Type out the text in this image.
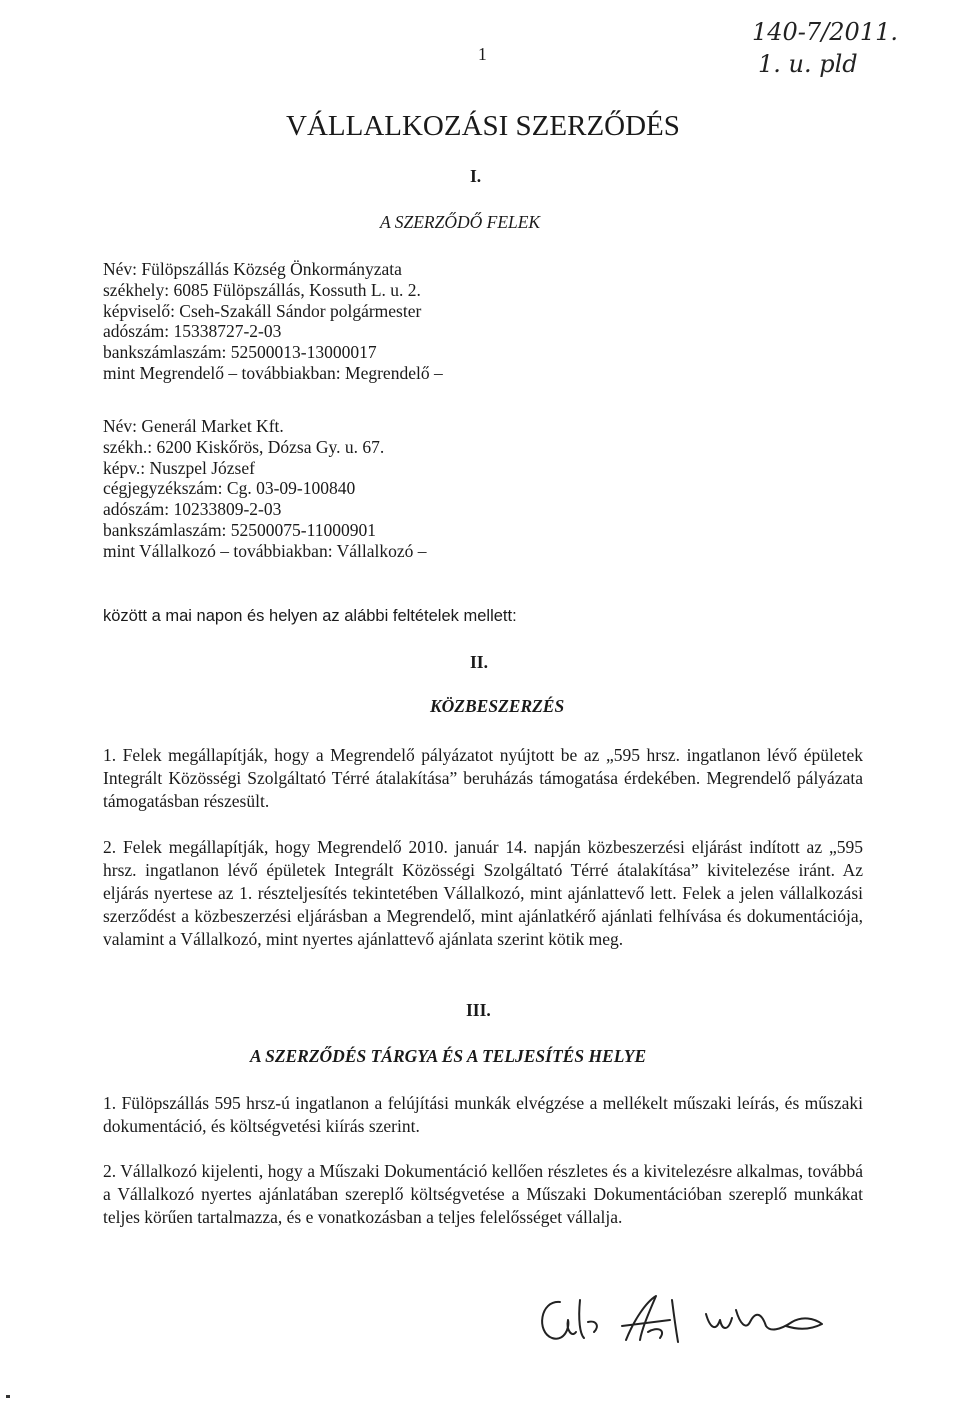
1
140-7/2011.
1. u. pld
VÁLLALKOZÁSI SZERZŐDÉS
I.
A SZERZŐDŐ FELEK
Név: Fülöpszállás Község Önkormányzata
székhely: 6085 Fülöpszállás, Kossuth L. u. 2.
képviselő: Cseh-Szakáll Sándor polgármester
adószám: 15338727-2-03
bankszámlaszám: 52500013-13000017
mint Megrendelő – továbbiakban: Megrendelő –
Név: Generál Market Kft.
székh.: 6200 Kiskőrös, Dózsa Gy. u. 67.
képv.: Nuszpel József
cégjegyzékszám: Cg. 03-09-100840
adószám: 10233809-2-03
bankszámlaszám: 52500075-11000901
mint Vállalkozó – továbbiakban: Vállalkozó –
között a mai napon és helyen az alábbi feltételek mellett:
II.
KÖZBESZERZÉS
1. Felek megállapítják, hogy a Megrendelő pályázatot nyújtott be az „595 hrsz. ingatlanon lévő épületek Integrált Közösségi Szolgáltató Térré átalakítása” beruházás támogatása érdekében. Megrendelő pályázata támogatásban részesült.
2. Felek megállapítják, hogy Megrendelő 2010. január 14. napján közbeszerzési eljárást indított az „595 hrsz. ingatlanon lévő épületek Integrált Közösségi Szolgáltató Térré átalakítása” kivitelezése iránt. Az eljárás nyertese az 1. részteljesítés tekintetében Vállalkozó, mint ajánlattevő lett. Felek a jelen vállalkozási szerződést a közbeszerzési eljárásban a Megrendelő, mint ajánlatkérő ajánlati felhívása és dokumentációja, valamint a Vállalkozó, mint nyertes ajánlattevő ajánlata szerint kötik meg.
III.
A SZERZŐDÉS TÁRGYA ÉS A TELJESÍTÉS HELYE
1. Fülöpszállás 595 hrsz-ú ingatlanon a felújítási munkák elvégzése a mellékelt műszaki leírás, és műszaki dokumentáció, és költségvetési kiírás szerint.
2. Vállalkozó kijelenti, hogy a Műszaki Dokumentáció kellően részletes és a kivitelezésre alkalmas, továbbá a Vállalkozó nyertes ajánlatában szereplő költségvetése a Műszaki Dokumentációban szereplő munkákat teljes körűen tartalmazza, és e vonatkozásban a teljes felelősséget vállalja.
